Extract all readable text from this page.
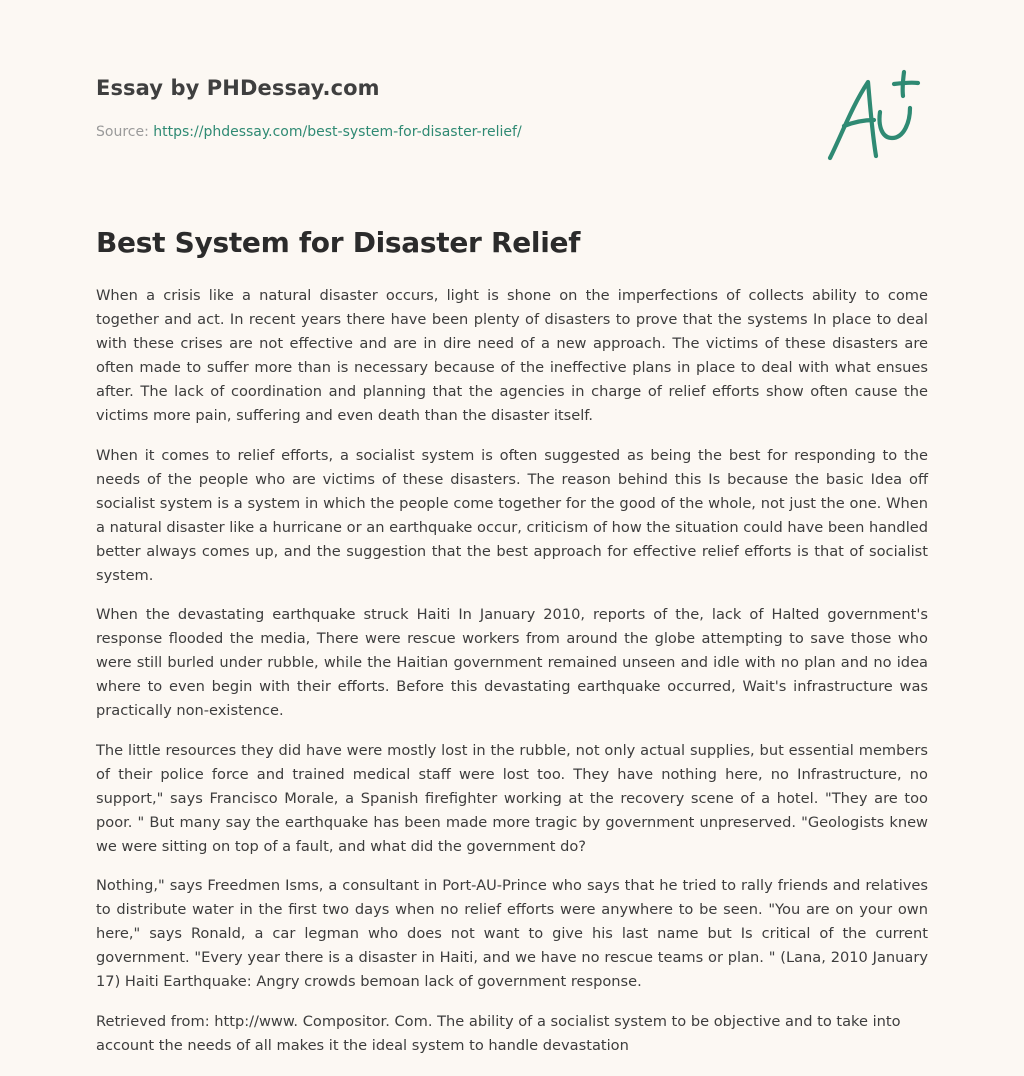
Essay by PHDessay.com
Source: https://phdessay.com/best-system-for-disaster-relief/
Best System for Disaster Relief

When a crisis like a natural disaster occurs, light is shone on the imperfections of collects ability to come together and act. In recent years there have been plenty of disasters to prove that the systems In place to deal with these crises are not effective and are in dire need of a new approach. The victims of these disasters are often made to suffer more than is necessary because of the ineffective plans in place to deal with what ensues after. The lack of coordination and planning that the agencies in charge of relief efforts show often cause the victims more pain, suffering and even death than the disaster itself.

When it comes to relief efforts, a socialist system is often suggested as being the best for responding to the needs of the people who are victims of these disasters. The reason behind this Is because the basic Idea off socialist system is a system in which the people come together for the good of the whole, not just the one. When a natural disaster like a hurricane or an earthquake occur, criticism of how the situation could have been handled better always comes up, and the suggestion that the best approach for effective relief efforts is that of socialist system.

When the devastating earthquake struck Haiti In January 2010, reports of the, lack of Halted government's response flooded the media, There were rescue workers from around the globe attempting to save those who were still burled under rubble, while the Haitian government remained unseen and idle with no plan and no idea where to even begin with their efforts. Before this devastating earthquake occurred, Wait's infrastructure was practically non-existence.

The little resources they did have were mostly lost in the rubble, not only actual supplies, but essential members of their police force and trained medical staff were lost too. They have nothing here, no Infrastructure, no support," says Francisco Morale, a Spanish firefighter working at the recovery scene of a hotel. "They are too poor. " But many say the earthquake has been made more tragic by government unpreserved. "Geologists knew we were sitting on top of a fault, and what did the government do?

Nothing," says Freedmen Isms, a consultant in Port-AU-Prince who says that he tried to rally friends and relatives to distribute water in the first two days when no relief efforts were anywhere to be seen. "You are on your own here," says Ronald, a car legman who does not want to give his last name but Is critical of the current government. "Every year there is a disaster in Haiti, and we have no rescue teams or plan. " (Lana, 2010 January 17) Haiti Earthquake: Angry crowds bemoan lack of government response.

Retrieved from: http://www. Compositor. Com. The ability of a socialist system to be objective and to take into account the needs of all makes it the ideal system to handle devastation
